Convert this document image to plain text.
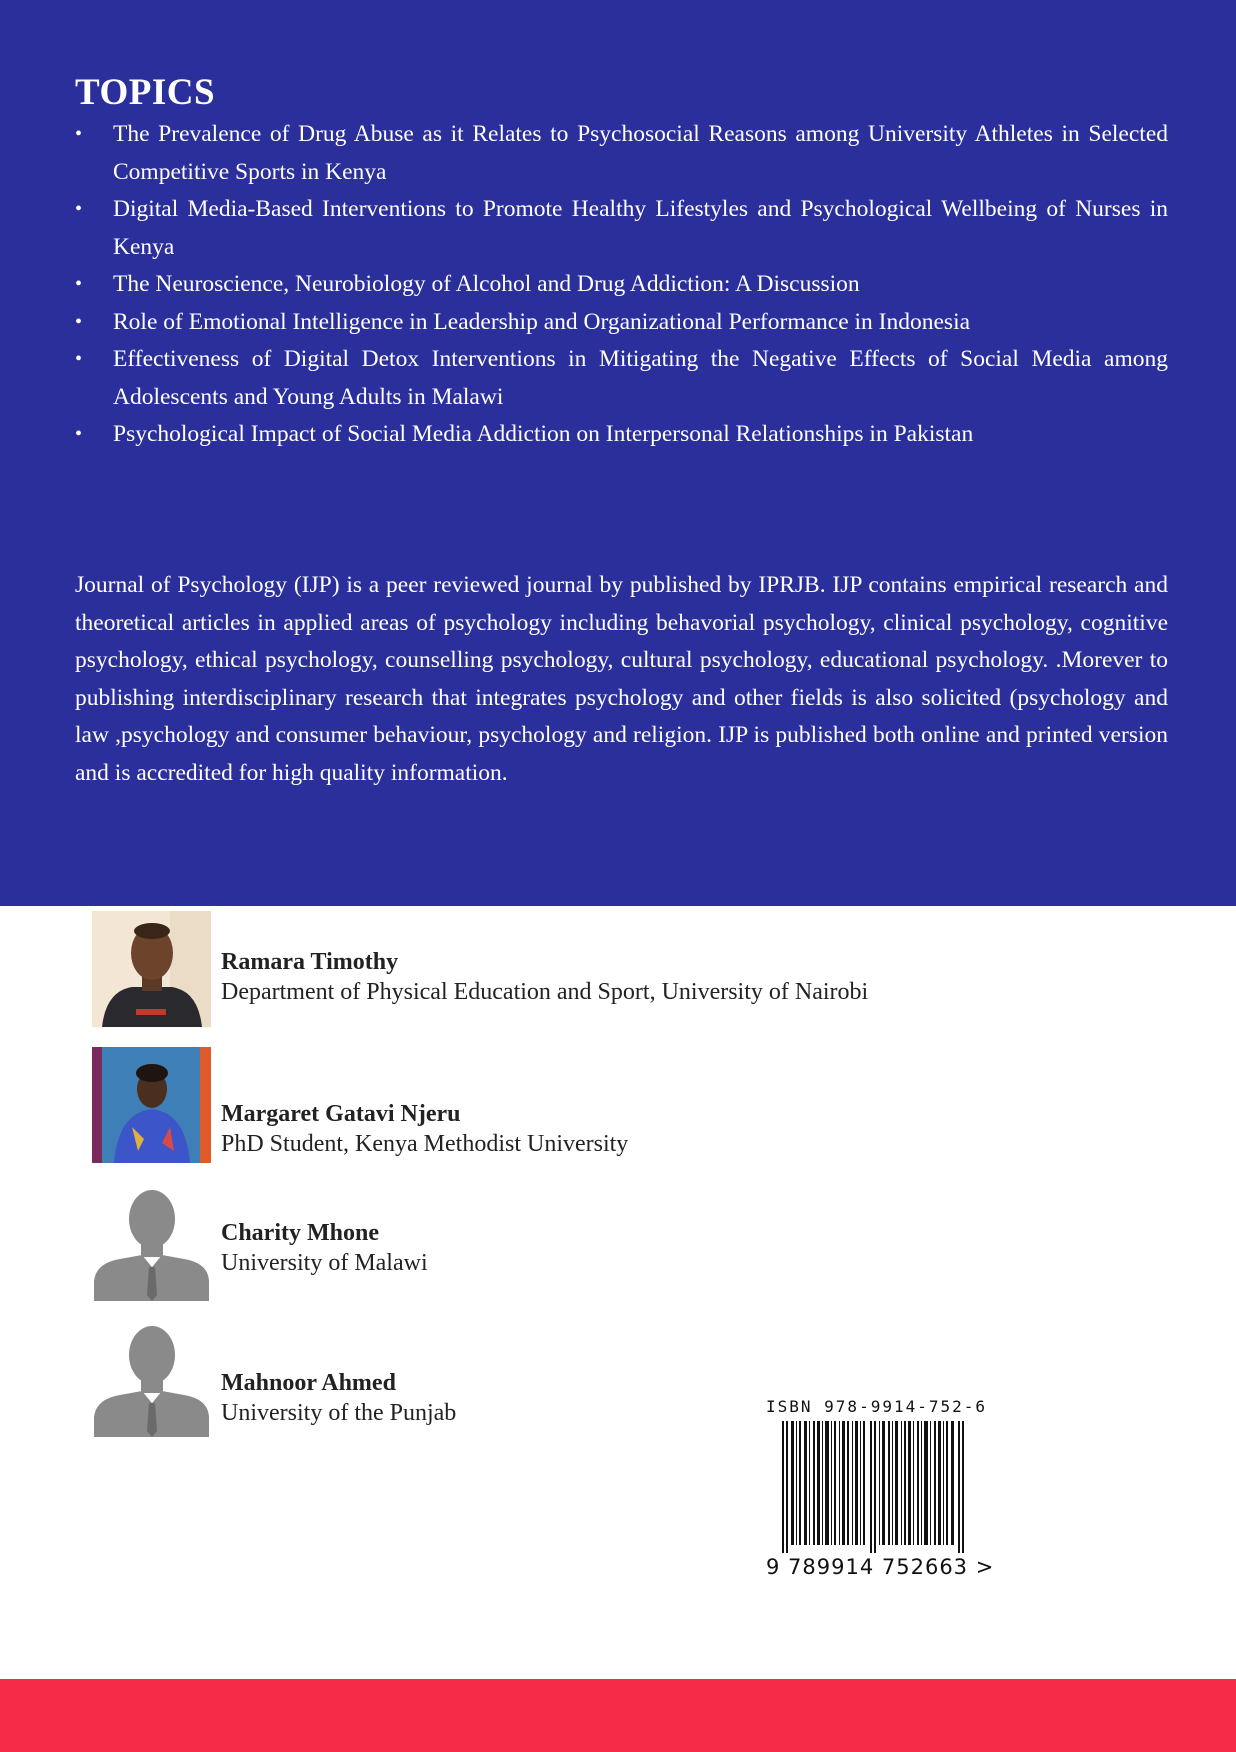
TOPICS
• The Prevalence of Drug Abuse as it Relates to Psychosocial Reasons among University Athletes in Selected Competitive Sports in Kenya
• Digital Media-Based Interventions to Promote Healthy Lifestyles and Psychological Wellbeing of Nurses in Kenya
• The Neuroscience, Neurobiology of Alcohol and Drug Addiction: A Discussion
• Role of Emotional Intelligence in Leadership and Organizational Performance in Indonesia
• Effectiveness of Digital Detox Interventions in Mitigating the Negative Effects of Social Media among Adolescents and Young Adults in Malawi
• Psychological Impact of Social Media Addiction on Interpersonal Relationships in Pakistan

Journal of Psychology (IJP) is a peer reviewed journal by published by IPRJB. IJP contains empirical research and theoretical articles in applied areas of psychology including behavorial psychology, clinical psychology, cognitive psychology, ethical psychology, counselling psychology, cultural psychology, educational psychology. .Morever to publishing interdisciplinary research that integrates psychology and other fields is also solicited (psychology and law ,psychology and consumer behaviour, psychology and religion. IJP is published both online and printed version and is accredited for high quality information.

Ramara Timothy
Department of Physical Education and Sport, University of Nairobi
Margaret Gatavi Njeru
PhD Student, Kenya Methodist University
Charity Mhone
University of Malawi
Mahnoor Ahmed
University of the Punjab	ISBN 978-9914-752-6
9 789914 752663 >
